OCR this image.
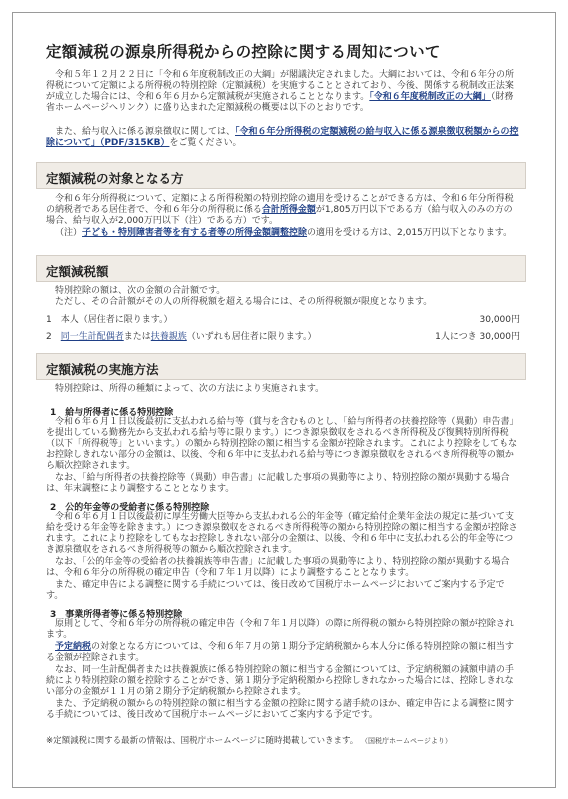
定額減税の源泉所得税からの控除に関する周知について
 令和５年１２月２２日に「令和６年度税制改正の大綱」が閣議決定されました。大綱においては、令和６年分の所得税について定額による所得税の特別控除（定額減税）を実施することとされており、今後、関係する税制改正法案が成立した場合には、令和６年６月から定額減税が実施されることとなります。「令和６年度税制改正の大綱」（財務省ホームページへリンク）に盛り込まれた定額減税の概要は以下のとおりです。
 また、給与収入に係る源泉徴収に関しては、「令和６年分所得税の定額減税の給与収入に係る源泉徴収税額からの控除について」（PDF/315KB）をご覧ください。
定額減税の対象となる方
 令和６年分所得税について、定額による所得税額の特別控除の適用を受けることができる方は、令和６年分所得税の納税者である居住者で、令和６年分の所得税に係る合計所得金額が1,805万円以下である方（給与収入のみの方の場合、給与収入が2,000万円以下（注）である方）です。
 （注）子ども・特別障害者等を有する者等の所得金額調整控除の適用を受ける方は、2,015万円以下となります。
定額減税額
 特別控除の額は、次の金額の合計額です。
 ただし、その合計額がその人の所得税額を超える場合には、その所得税額が限度となります。
1　本人（居住者に限ります。）	30,000円
2　同一生計配偶者または扶養親族（いずれも居住者に限ります。）	1人につき 30,000円
定額減税の実施方法
 特別控除は、所得の種類によって、次の方法により実施されます。
1　給与所得者に係る特別控除
 令和６年６月１日以後最初に支払われる給与等（賞与を含むものとし、「給与所得者の扶養控除等（異動）申告書」を提出している勤務先から支払われる給与等に限ります。）につき源泉徴収をされるべき所得税及び復興特別所得税（以下「所得税等」といいます。）の額から特別控除の額に相当する金額が控除されます。これにより控除をしてもなお控除しきれない部分の金額は、以後、令和６年中に支払われる給与等につき源泉徴収をされるべき所得税等の額から順次控除されます。
 なお、「給与所得者の扶養控除等（異動）申告書」に記載した事項の異動等により、特別控除の額が異動する場合は、年末調整により調整することとなります。
2　公的年金等の受給者に係る特別控除
 令和６年６月１日以後最初に厚生労働大臣等から支払われる公的年金等（確定給付企業年金法の規定に基づいて支給を受ける年金等を除きます。）につき源泉徴収をされるべき所得税等の額から特別控除の額に相当する金額が控除されます。これにより控除をしてもなお控除しきれない部分の金額は、以後、令和６年中に支払われる公的年金等につき源泉徴収をされるべき所得税等の額から順次控除されます。
 なお、「公的年金等の受給者の扶養親族等申告書」に記載した事項の異動等により、特別控除の額が異動する場合は、令和６年分の所得税の確定申告（令和７年１月以降）により調整することとなります。
 また、確定申告による調整に関する手続については、後日改めて国税庁ホームページにおいてご案内する予定です。
3　事業所得者等に係る特別控除
 原則として、令和６年分の所得税の確定申告（令和７年１月以降）の際に所得税の額から特別控除の額が控除されます。
 予定納税の対象となる方については、令和６年７月の第１期分予定納税額から本人分に係る特別控除の額に相当する金額が控除されます。
 なお、同一生計配偶者または扶養親族に係る特別控除の額に相当する金額については、予定納税額の減額申請の手続により特別控除の額を控除することができ、第１期分予定納税額から控除しきれなかった場合には、控除しきれない部分の金額が１１月の第２期分予定納税額から控除されます。
 また、予定納税の額からの特別控除の額に相当する金額の控除に関する諸手続のほか、確定申告による調整に関する手続については、後日改めて国税庁ホームページにおいてご案内する予定です。
※定額減税に関する最新の情報は、国税庁ホームページに随時掲載していきます。 （国税庁ホームページより）
